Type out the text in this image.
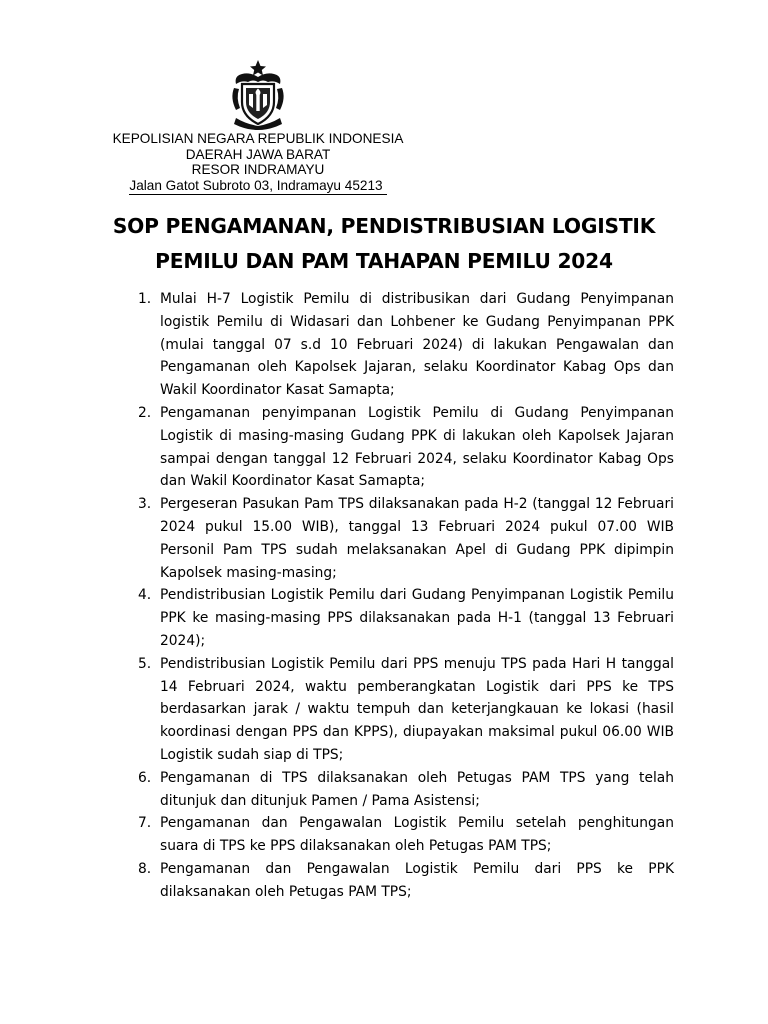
KEPOLISIAN NEGARA REPUBLIK INDONESIA
DAERAH JAWA BARAT
RESOR INDRAMAYU
Jalan Gatot Subroto 03, Indramayu 45213
SOP PENGAMANAN, PENDISTRIBUSIAN LOGISTIK
PEMILU DAN PAM TAHAPAN PEMILU 2024
1. Mulai H-7 Logistik Pemilu di distribusikan dari Gudang Penyimpanan logistik Pemilu di Widasari dan Lohbener ke Gudang Penyimpanan PPK (mulai tanggal 07 s.d 10 Februari 2024) di lakukan Pengawalan dan Pengamanan oleh Kapolsek Jajaran, selaku Koordinator Kabag Ops dan Wakil Koordinator Kasat Samapta;
2. Pengamanan penyimpanan Logistik Pemilu di Gudang Penyimpanan Logistik di masing-masing Gudang PPK di lakukan oleh Kapolsek Jajaran sampai dengan tanggal 12 Februari 2024, selaku Koordinator Kabag Ops dan Wakil Koordinator Kasat Samapta;
3. Pergeseran Pasukan Pam TPS dilaksanakan pada H-2 (tanggal 12 Februari 2024 pukul 15.00 WIB), tanggal 13 Februari 2024 pukul 07.00 WIB Personil Pam TPS sudah melaksanakan Apel di Gudang PPK dipimpin Kapolsek masing-masing;
4. Pendistribusian Logistik Pemilu dari Gudang Penyimpanan Logistik Pemilu PPK ke masing-masing PPS dilaksanakan pada H-1 (tanggal 13 Februari 2024);
5. Pendistribusian Logistik Pemilu dari PPS menuju TPS pada Hari H tanggal 14 Februari 2024, waktu pemberangkatan Logistik dari PPS ke TPS berdasarkan jarak / waktu tempuh dan keterjangkauan ke lokasi (hasil koordinasi dengan PPS dan KPPS), diupayakan maksimal pukul 06.00 WIB Logistik sudah siap di TPS;
6. Pengamanan di TPS dilaksanakan oleh Petugas PAM TPS yang telah ditunjuk dan ditunjuk Pamen / Pama Asistensi;
7. Pengamanan dan Pengawalan Logistik Pemilu setelah penghitungan suara di TPS ke PPS dilaksanakan oleh Petugas PAM TPS;
8. Pengamanan dan Pengawalan Logistik Pemilu dari PPS ke PPK dilaksanakan oleh Petugas PAM TPS;
